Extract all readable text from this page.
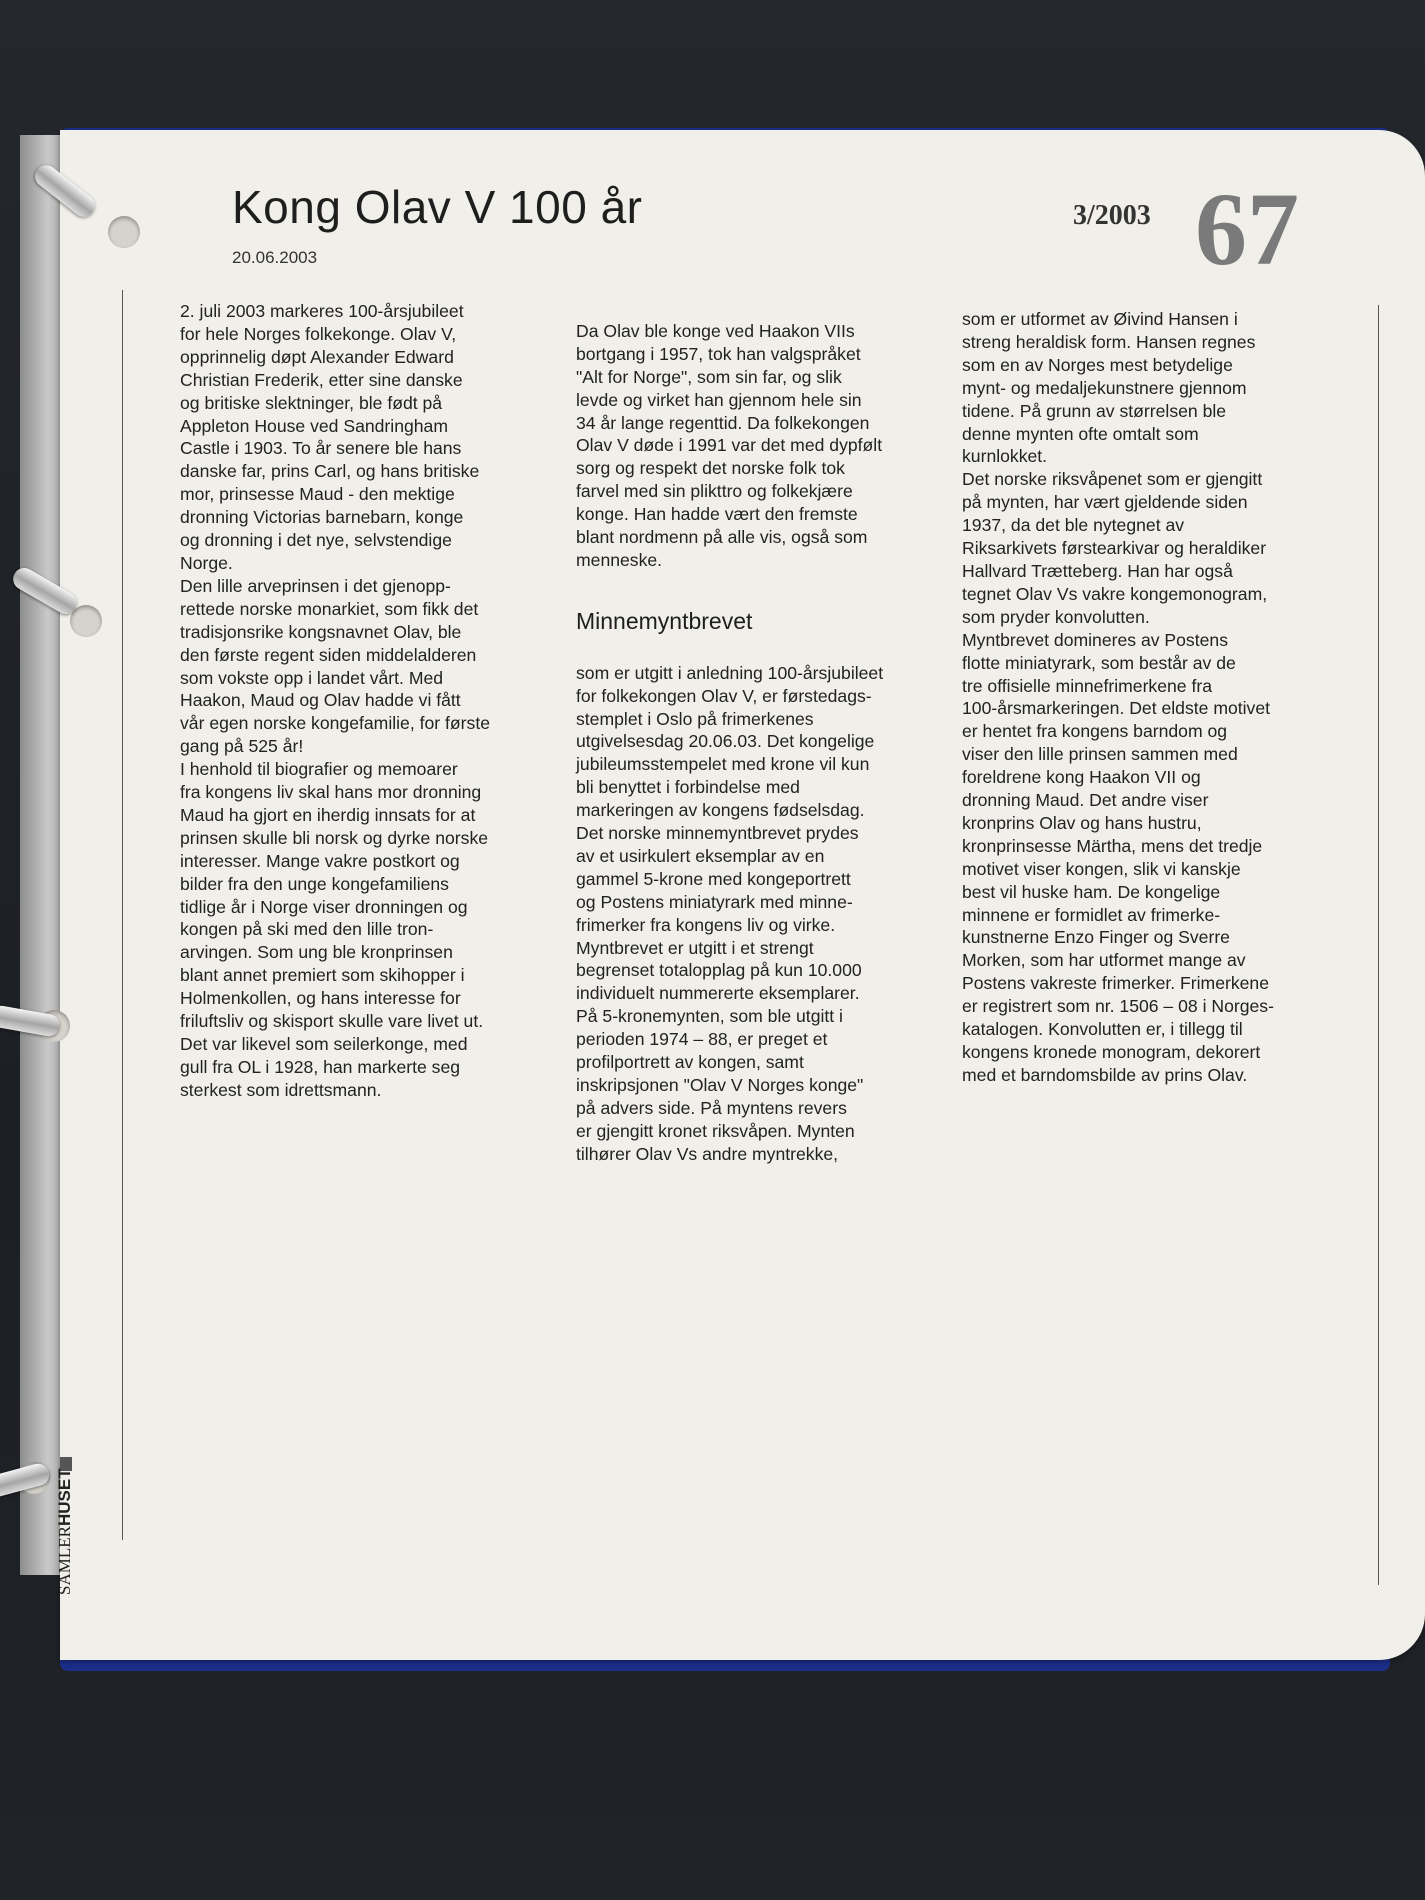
Kong Olav V 100 år
20.06.2003
3/2003 67
2. juli 2003 markeres 100-årsjubileet
for hele Norges folkekonge. Olav V,
opprinnelig døpt Alexander Edward
Christian Frederik, etter sine danske
og britiske slektninger, ble født på
Appleton House ved Sandringham
Castle i 1903. To år senere ble hans
danske far, prins Carl, og hans britiske
mor, prinsesse Maud - den mektige
dronning Victorias barnebarn, konge
og dronning i det nye, selvstendige
Norge.
Den lille arveprinsen i det gjenopp-
rettede norske monarkiet, som fikk det
tradisjonsrike kongsnavnet Olav, ble
den første regent siden middelalderen
som vokste opp i landet vårt. Med
Haakon, Maud og Olav hadde vi fått
vår egen norske kongefamilie, for første
gang på 525 år!
I henhold til biografier og memoarer
fra kongens liv skal hans mor dronning
Maud ha gjort en iherdig innsats for at
prinsen skulle bli norsk og dyrke norske
interesser. Mange vakre postkort og
bilder fra den unge kongefamiliens
tidlige år i Norge viser dronningen og
kongen på ski med den lille tron-
arvingen. Som ung ble kronprinsen
blant annet premiert som skihopper i
Holmenkollen, og hans interesse for
friluftsliv og skisport skulle vare livet ut.
Det var likevel som seilerkonge, med
gull fra OL i 1928, han markerte seg
sterkest som idrettsmann.

Da Olav ble konge ved Haakon VIIs
bortgang i 1957, tok han valgspråket
"Alt for Norge", som sin far, og slik
levde og virket han gjennom hele sin
34 år lange regenttid. Da folkekongen
Olav V døde i 1991 var det med dypfølt
sorg og respekt det norske folk tok
farvel med sin plikttro og folkekjære
konge. Han hadde vært den fremste
blant nordmenn på alle vis, også som
menneske.

Minnemyntbrevet

som er utgitt i anledning 100-årsjubileet
for folkekongen Olav V, er førstedags-
stemplet i Oslo på frimerkenes
utgivelsesdag 20.06.03. Det kongelige
jubileumsstempelet med krone vil kun
bli benyttet i forbindelse med
markeringen av kongens fødselsdag.
Det norske minnemyntbrevet prydes
av et usirkulert eksemplar av en
gammel 5-krone med kongeportrett
og Postens miniatyrark med minne-
frimerker fra kongens liv og virke.
Myntbrevet er utgitt i et strengt
begrenset totalopplag på kun 10.000
individuelt nummererte eksemplarer.
På 5-kronemynten, som ble utgitt i
perioden 1974 – 88, er preget et
profilportrett av kongen, samt
inskripsjonen "Olav V Norges konge"
på advers side. På myntens revers
er gjengitt kronet riksvåpen. Mynten
tilhører Olav Vs andre myntrekke,

som er utformet av Øivind Hansen i
streng heraldisk form. Hansen regnes
som en av Norges mest betydelige
mynt- og medaljekunstnere gjennom
tidene. På grunn av størrelsen ble
denne mynten ofte omtalt som
kurnlokket.
Det norske riksvåpenet som er gjengitt
på mynten, har vært gjeldende siden
1937, da det ble nytegnet av
Riksarkivets førstearkivar og heraldiker
Hallvard Trætteberg. Han har også
tegnet Olav Vs vakre kongemonogram,
som pryder konvolutten.
Myntbrevet domineres av Postens
flotte miniatyrark, som består av de
tre offisielle minnefrimerkene fra
100-årsmarkeringen. Det eldste motivet
er hentet fra kongens barndom og
viser den lille prinsen sammen med
foreldrene kong Haakon VII og
dronning Maud. Det andre viser
kronprins Olav og hans hustru,
kronprinsesse Märtha, mens det tredje
motivet viser kongen, slik vi kanskje
best vil huske ham. De kongelige
minnene er formidlet av frimerke-
kunstnerne Enzo Finger og Sverre
Morken, som har utformet mange av
Postens vakreste frimerker. Frimerkene
er registrert som nr. 1506 – 08 i Norges-
katalogen. Konvolutten er, i tillegg til
kongens kronede monogram, dekorert
med et barndomsbilde av prins Olav.
SAMLERHUSET
